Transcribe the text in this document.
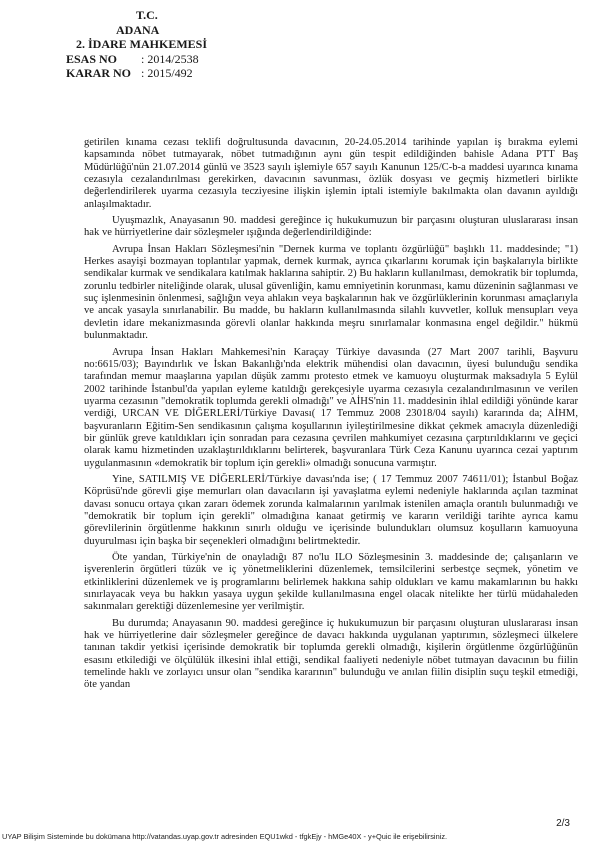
T.C.
ADANA
2. İDARE MAHKEMESİ
ESAS NO	: 2014/2538
KARAR NO : 2015/492

getirilen kınama cezası teklifi doğrultusunda davacının, 20-24.05.2014 tarihinde yapılan iş bırakma eylemi kapsamında nöbet tutmayarak, nöbet tutmadığının aynı gün tespit edildiğinden bahisle Adana PTT Baş Müdürlüğü'nün 21.07.2014 günlü ve 3523 sayılı işlemiyle 657 sayılı Kanunun 125/C-b-a maddesi uyarınca kınama cezasıyla cezalandırılması gerekirken, davacının savunması, özlük dosyası ve geçmiş hizmetleri birlikte değerlendirilerek uyarma cezasıyla tecziyesine ilişkin işlemin iptali istemiyle bakılmakta olan davanın ayıldığı anlaşılmaktadır.

Uyuşmazlık, Anayasanın 90. maddesi gereğince iç hukukumuzun bir parçasını oluşturan uluslararası insan hak ve hürriyetlerine dair sözleşmeler ışığında değerlendirildiğinde:

Avrupa İnsan Hakları Sözleşmesi'nin "Dernek kurma ve toplantı özgürlüğü" başlıklı 11. maddesinde; "1) Herkes asayişi bozmayan toplantılar yapmak, dernek kurmak, ayrıca çıkarlarını korumak için başkalarıyla birlikte sendikalar kurmak ve sendikalara katılmak haklarına sahiptir. 2) Bu hakların kullanılması, demokratik bir toplumda, zorunlu tedbirler niteliğinde olarak, ulusal güvenliğin, kamu emniyetinin korunması, kamu düzeninin sağlanması ve suç işlenmesinin önlenmesi, sağlığın veya ahlakın veya başkalarının hak ve özgürlüklerinin korunması amaçlarıyla ve ancak yasayla sınırlanabilir. Bu madde, bu hakların kullanılmasında silahlı kuvvetler, kolluk mensupları veya devletin idare mekanizmasında görevli olanlar hakkında meşru sınırlamalar konmasına engel değildir." hükmü bulunmaktadır.

Avrupa İnsan Hakları Mahkemesi'nin Karaçay Türkiye davasında (27 Mart 2007 tarihli, Başvuru no:6615/03); Bayındırlık ve İskan Bakanlığı'nda elektrik mühendisi olan davacının, üyesi bulunduğu sendika tarafından memur maaşlarına yapılan düşük zammı protesto etmek ve kamuoyu oluşturmak maksadıyla 5 Eylül 2002 tarihinde İstanbul'da yapılan eyleme katıldığı gerekçesiyle uyarma cezasıyla cezalandırılmasının ve verilen uyarma cezasının "demokratik toplumda gerekli olmadığı" ve AİHS'nin 11. maddesinin ihlal edildiği yönünde karar verdiği, URCAN VE DİĞERLERİ/Türkiye Davası( 17 Temmuz 2008 23018/04 sayılı) kararında da; AİHM, başvuranların Eğitim-Sen sendikasının çalışma koşullarının iyileştirilmesine dikkat çekmek amacıyla düzenlediği bir günlük greve katıldıkları için sonradan para cezasına çevrilen mahkumiyet cezasına çarptırıldıklarını ve geçici olarak kamu hizmetinden uzaklaştırıldıklarını belirterek, başvuranlara Türk Ceza Kanunu uyarınca cezai yaptırım uygulanmasının «demokratik bir toplum için gerekli» olmadığı sonucuna varmıştır.

Yine, SATILMIŞ VE DİĞERLERİ/Türkiye davası'nda ise; ( 17 Temmuz 2007 74611/01); İstanbul Boğaz Köprüsü'nde görevli gişe memurları olan davacıların işi yavaşlatma eylemi nedeniyle haklarında açılan tazminat davası sonucu ortaya çıkan zararı ödemek zorunda kalmalarının yarılmak istenilen amaçla orantılı bulunmadığı ve "demokratik bir toplum için gerekli" olmadığına kanaat getirmiş ve kararın verildiği tarihte ayrıca kamu görevlilerinin örgütlenme hakkının sınırlı olduğu ve içerisinde bulundukları olumsuz koşulların kamuoyuna duyurulması için başka bir seçenekleri olmadığını belirtmektedir.

Öte yandan, Türkiye'nin de onayladığı 87 no'lu ILO Sözleşmesinin 3. maddesinde de; çalışanların ve işverenlerin örgütleri tüzük ve iç yönetmeliklerini düzenlemek, temsilcilerini serbestçe seçmek, yönetim ve etkinliklerini düzenlemek ve iş programlarını belirlemek hakkına sahip oldukları ve kamu makamlarının bu hakkı sınırlayacak veya bu hakkın yasaya uygun şekilde kullanılmasına engel olacak nitelikte her türlü müdahaleden sakınmaları gerektiği düzenlemesine yer verilmiştir.

Bu durumda; Anayasanın 90. maddesi gereğince iç hukukumuzun bir parçasını oluşturan uluslararası insan hak ve hürriyetlerine dair sözleşmeler gereğince de davacı hakkında uygulanan yaptırımın, sözleşmeci ülkelere tanınan takdir yetkisi içerisinde demokratik bir toplumda gerekli olmadığı, kişilerin örgütlenme özgürlüğünün esasını etkilediği ve ölçülülük ilkesini ihlal ettiği, sendikal faaliyeti nedeniyle nöbet tutmayan davacının bu fiilin temelinde haklı ve zorlayıcı unsur olan "sendika kararının" bulunduğu ve anılan fiilin disiplin suçu teşkil etmediği, öte yandan

2/3
UYAP Bilişim Sisteminde bu dokümana http://vatandas.uyap.gov.tr adresinden EQU1wkd - tfgkEjy - hMGe40X - y+Quic ile erişebilirsiniz.
